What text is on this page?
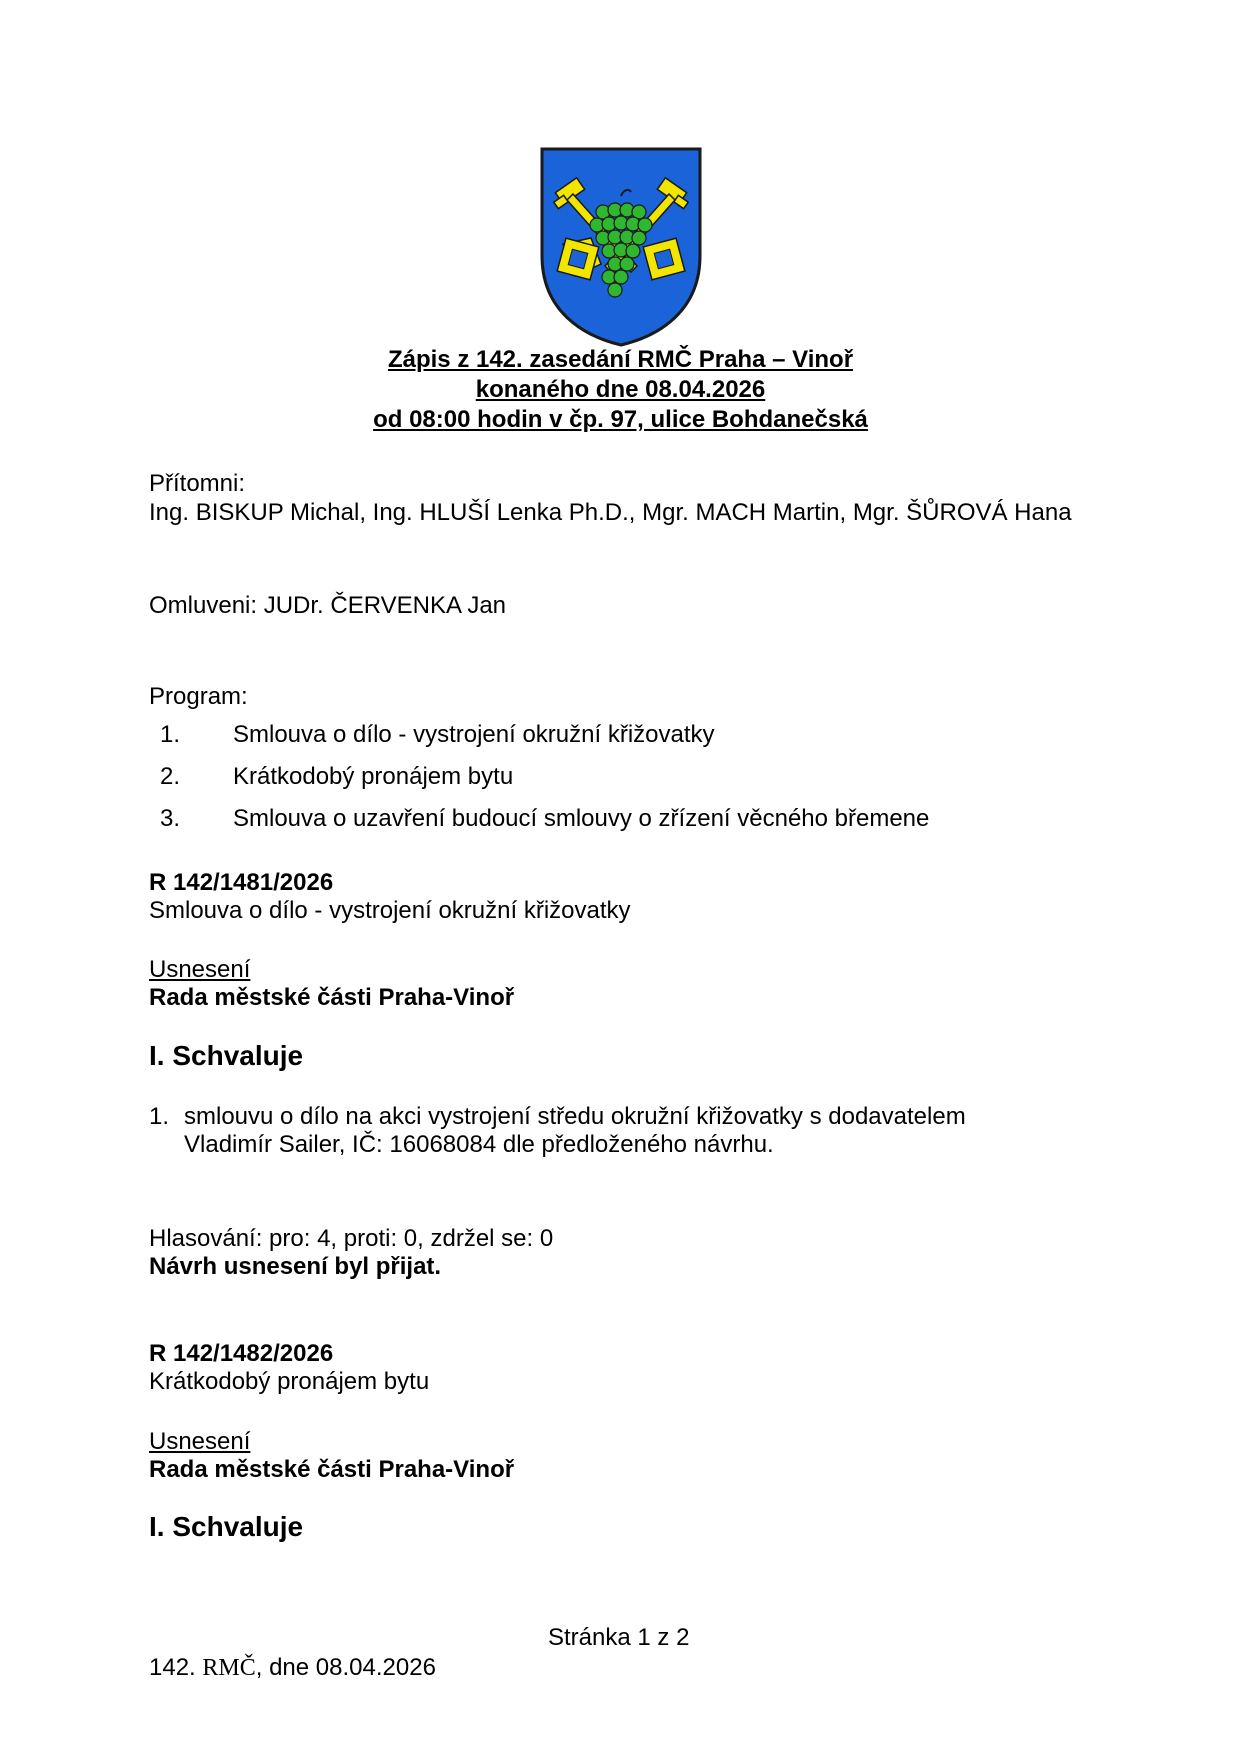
Zápis z 142. zasedání RMČ Praha – Vinoř
konaného dne 08.04.2026
od 08:00 hodin v čp. 97, ulice Bohdanečská
Přítomni:
Ing. BISKUP Michal, Ing. HLUŠÍ Lenka Ph.D., Mgr. MACH Martin, Mgr. ŠŮROVÁ Hana
Omluveni: JUDr. ČERVENKA Jan
Program:
1. Smlouva o dílo - vystrojení okružní křižovatky
2. Krátkodobý pronájem bytu
3. Smlouva o uzavření budoucí smlouvy o zřízení věcného břemene
R 142/1481/2026
Smlouva o dílo - vystrojení okružní křižovatky
Usnesení
Rada městské části Praha-Vinoř
I. Schvaluje
1. smlouvu o dílo na akci vystrojení středu okružní křižovatky s dodavatelem
Vladimír Sailer, IČ: 16068084 dle předloženého návrhu.
Hlasování: pro: 4, proti: 0, zdržel se: 0
Návrh usnesení byl přijat.
R 142/1482/2026
Krátkodobý pronájem bytu
Usnesení
Rada městské části Praha-Vinoř
I. Schvaluje
Stránka 1 z 2
142. RMČ, dne 08.04.2026
